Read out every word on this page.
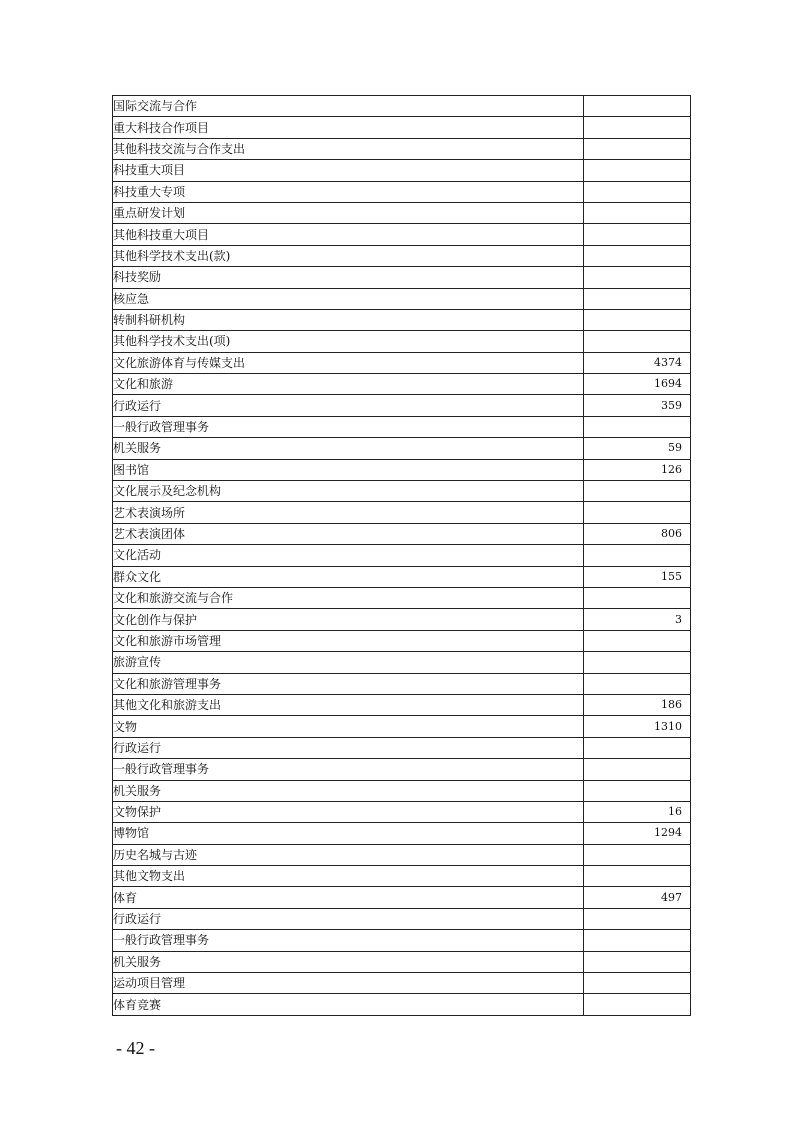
国际交流与合作	
重大科技合作项目	
其他科技交流与合作支出	
科技重大项目	
科技重大专项	
重点研发计划	
其他科技重大项目	
其他科学技术支出(款)	
科技奖励	
核应急	
转制科研机构	
其他科学技术支出(项)	
文化旅游体育与传媒支出	4374
文化和旅游	1694
行政运行	359
一般行政管理事务	
机关服务	59
图书馆	126
文化展示及纪念机构	
艺术表演场所	
艺术表演团体	806
文化活动	
群众文化	155
文化和旅游交流与合作	
文化创作与保护	3
文化和旅游市场管理	
旅游宣传	
文化和旅游管理事务	
其他文化和旅游支出	186
文物	1310
行政运行	
一般行政管理事务	
机关服务	
文物保护	16
博物馆	1294
历史名城与古迹	
其他文物支出	
体育	497
行政运行	
一般行政管理事务	
机关服务	
运动项目管理	
体育竞赛	
- 42 -
